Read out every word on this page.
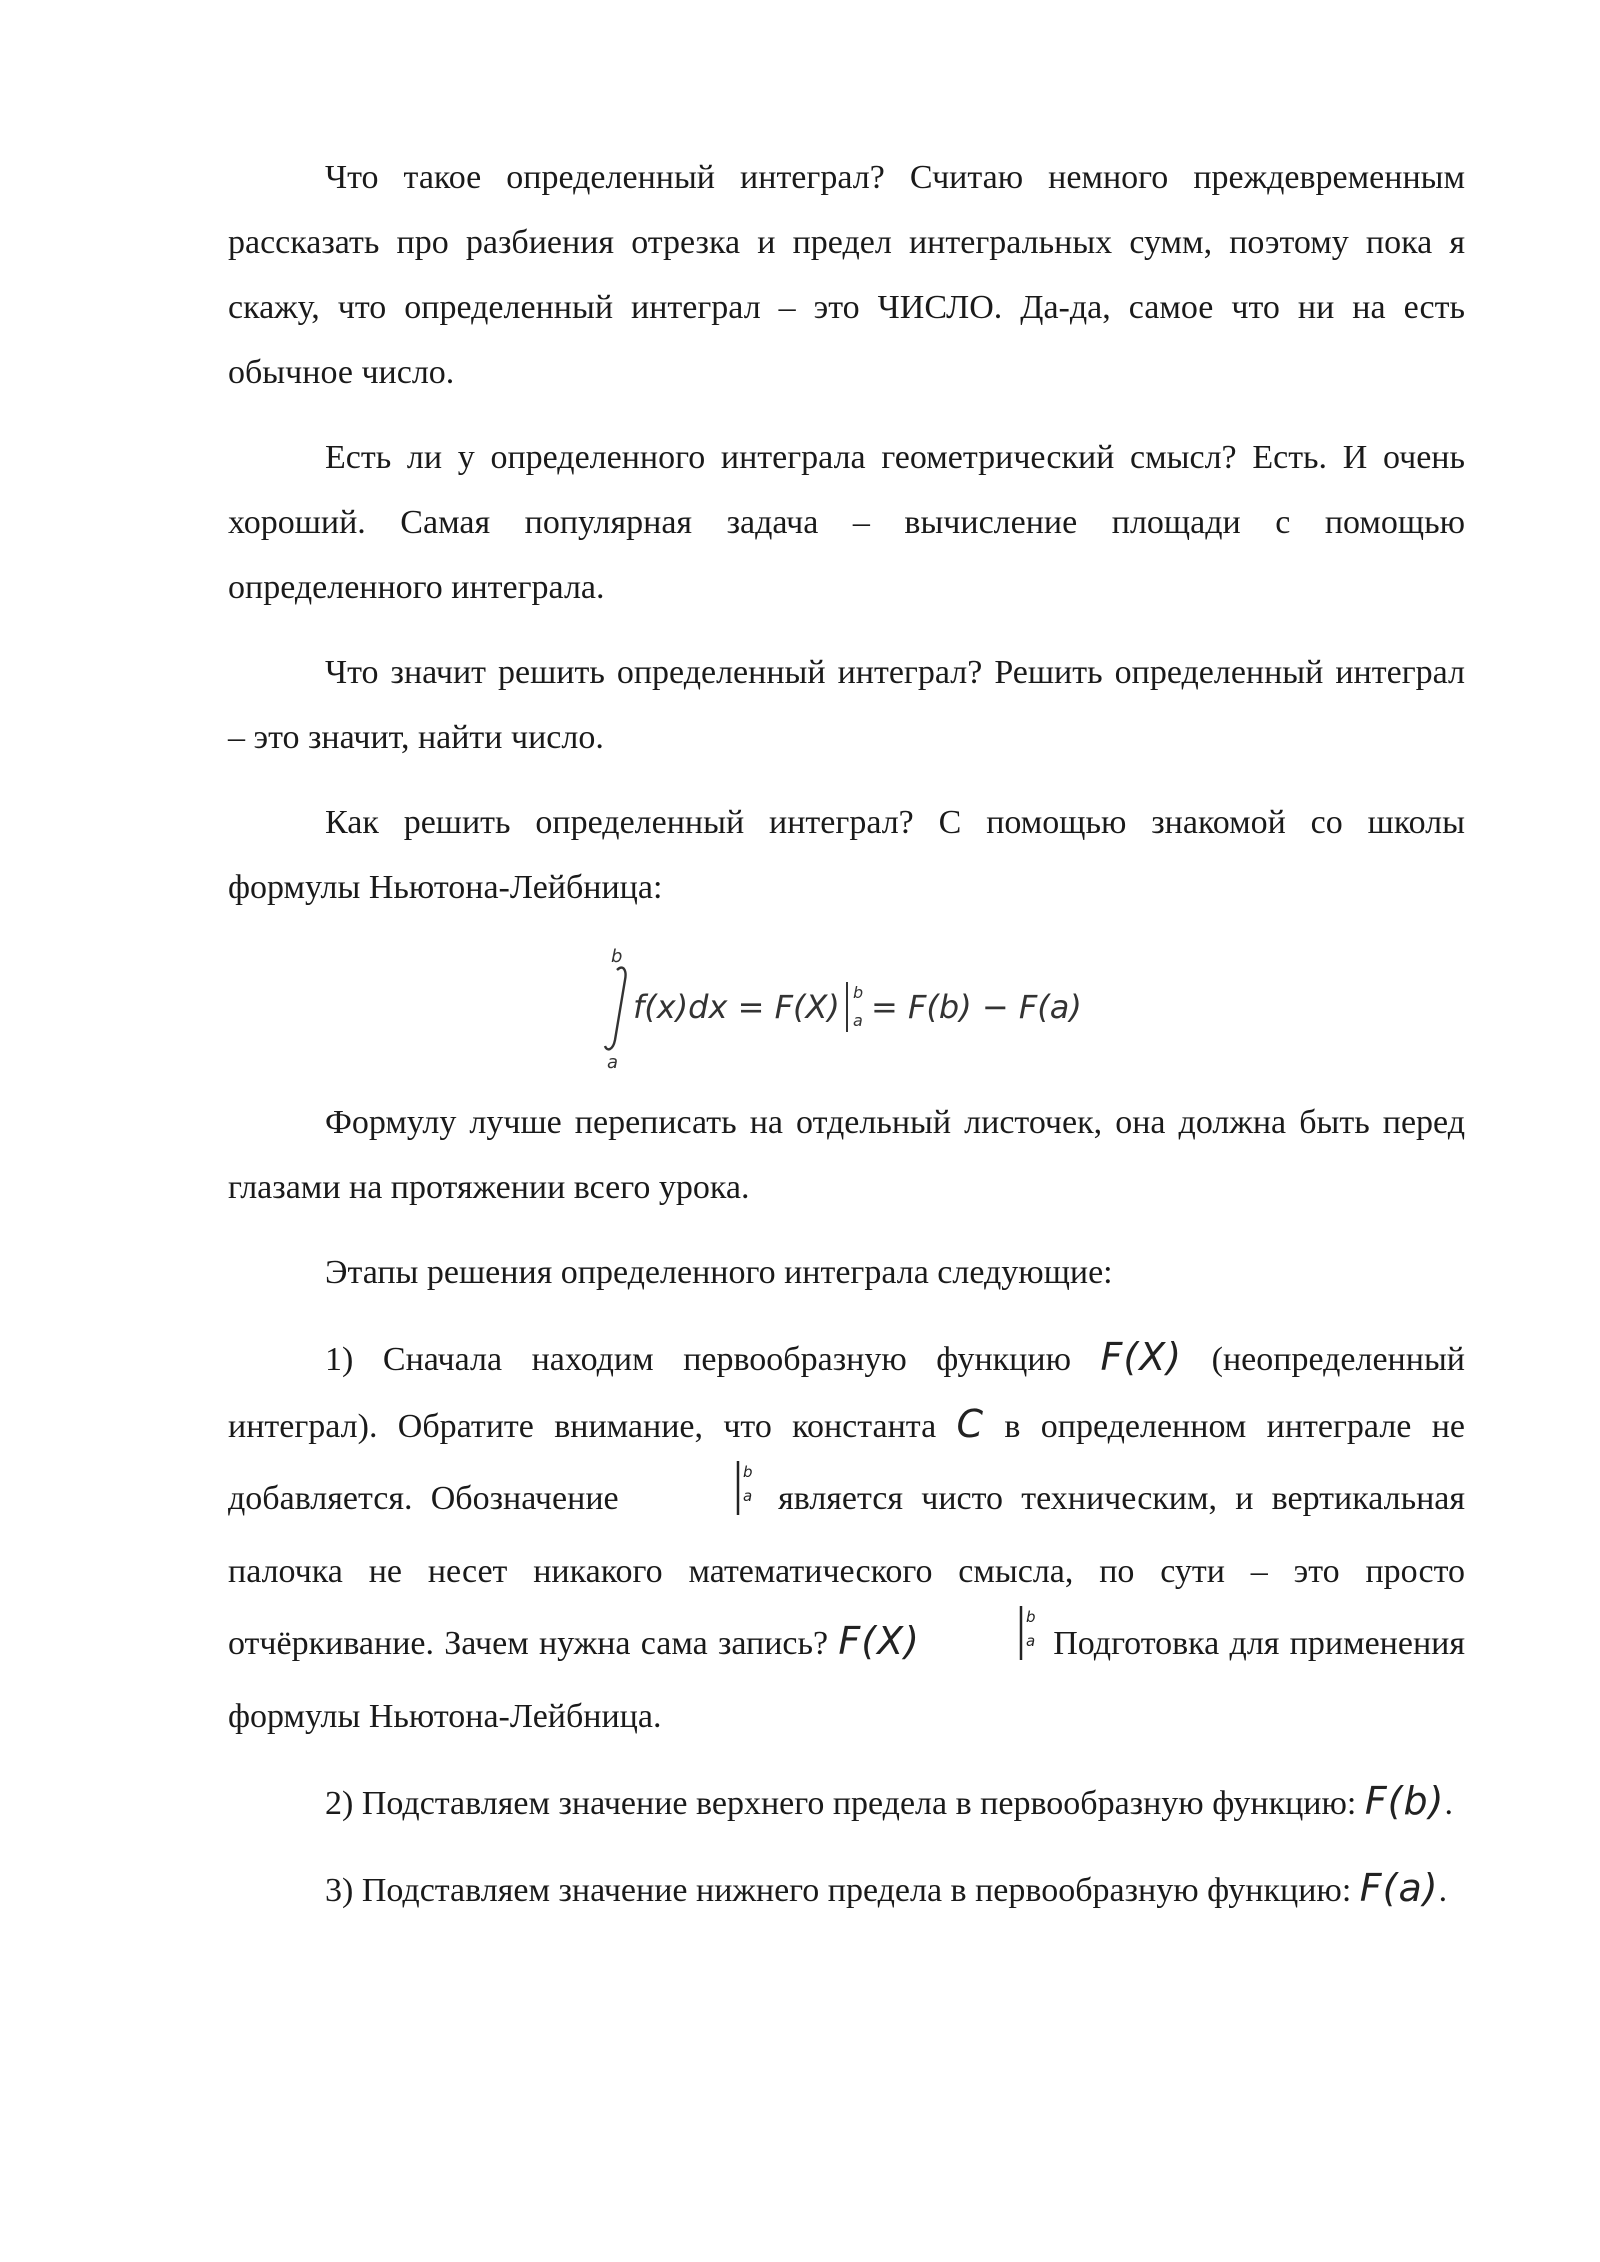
Что такое определенный интеграл? Считаю немного преждевременным рассказать про разбиения отрезка и предел интегральных сумм, поэтому пока я скажу, что определенный интеграл – это ЧИСЛО. Да-да, самое что ни на есть обычное число.

Есть ли у определенного интеграла геометрический смысл? Есть. И очень хороший. Самая популярная задача – вычисление площади с помощью определенного интеграла.

Что значит решить определенный интеграл? Решить определенный интеграл – это значит, найти число.

Как решить определенный интеграл? С помощью знакомой со школы формулы Ньютона-Лейбница:

b
a
f(x)dx = F(X) b
a = F(b) − F(a)

Формулу лучше переписать на отдельный листочек, она должна быть перед глазами на протяжении всего урока.

Этапы решения определенного интеграла следующие:

1) Сначала находим первообразную функцию F(X) (неопределенный интеграл). Обратите внимание, что константа C в определенном интеграле не добавляется. Обозначение
b
a является чисто техническим, и вертикальная палочка не несет никакого математического смысла, по сути – это просто отчёркивание. Зачем нужна сама запись? F(X)
b
a Подготовка для применения формулы Ньютона-Лейбница.

2) Подставляем значение верхнего предела в первообразную функцию: F(b).

3) Подставляем значение нижнего предела в первообразную функцию: F(a).
